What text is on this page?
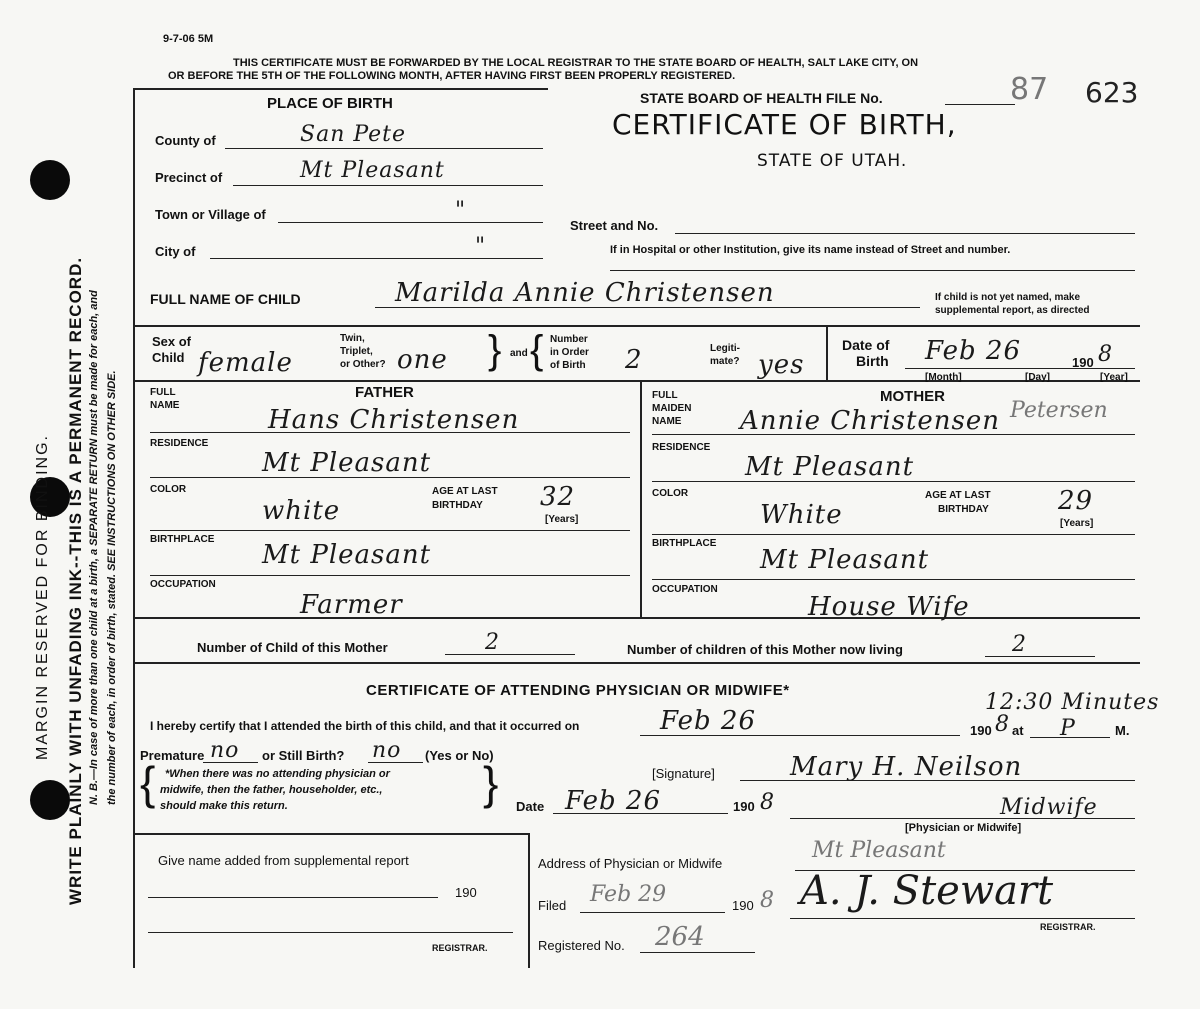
MARGIN RESERVED FOR BINDING. WRITE PLAINLY WITH UNFADING INK--THIS IS A PERMANENT RECORD. N. B.—In case of more than one child at a birth, a SEPARATE RETURN must be made for each, and the number of each, in order of birth, stated. SEE INSTRUCTIONS ON OTHER SIDE.
9-7-06 5M
THIS CERTIFICATE MUST BE FORWARDED BY THE LOCAL REGISTRAR TO THE STATE BOARD OF HEALTH, SALT LAKE CITY, ON
OR BEFORE THE 5TH OF THE FOLLOWING MONTH, AFTER HAVING FIRST BEEN PROPERLY REGISTERED.
STATE BOARD OF HEALTH FILE No.	87 623
CERTIFICATE OF BIRTH,
STATE OF UTAH.
PLACE OF BIRTH
County of	San Pete
Precinct of	Mt Pleasant
Town or Village of	"
City of	"
Street and No.
If in Hospital or other Institution, give its name instead of Street and number.
FULL NAME OF CHILD	Marilda Annie Christensen	If child is not yet named, make
supplemental report, as directed
Sex of
Child female
Twin,
Triplet,
or Other? one } and { Number
in Order
of Birth 2	Legiti-
mate? yes
Date of
Birth Feb 26	190 8
[Month]	[Day]	[Year]
FATHER
FULL
NAME	Hans Christensen
RESIDENCE
Mt Pleasant
COLOR
white
AGE AT LAST
BIRTHDAY 32
[Years]
BIRTHPLACE
Mt Pleasant
OCCUPATION
Farmer
MOTHER
Petersen
FULL
MAIDEN
NAME Annie Christensen
RESIDENCE
Mt Pleasant
COLOR
White
AGE AT LAST
BIRTHDAY	29
[Years]
BIRTHPLACE
Mt Pleasant
OCCUPATION
House Wife
Number of Child of this Mother	2	Number of children of this Mother now living	2
CERTIFICATE OF ATTENDING PHYSICIAN OR MIDWIFE*
I hereby certify that I attended the birth of this child, and that it occurred on	Feb 26	190 8
12:30 Minutes
at P	M.
Premature no or Still Birth? no (Yes or No)
{ *When there was no attending physician or
midwife, then the father, householder, etc.,
should make this return.	}	[Signature]	Mary H. Neilson
Date Feb 26	190 8	Midwife
[Physician or Midwife]
Give name added from supplemental report
190
REGISTRAR.
Address of Physician or Midwife
Mt Pleasant
Filed Feb 29	190 8 A. J. Stewart
REGISTRAR.
Registered No. 264
